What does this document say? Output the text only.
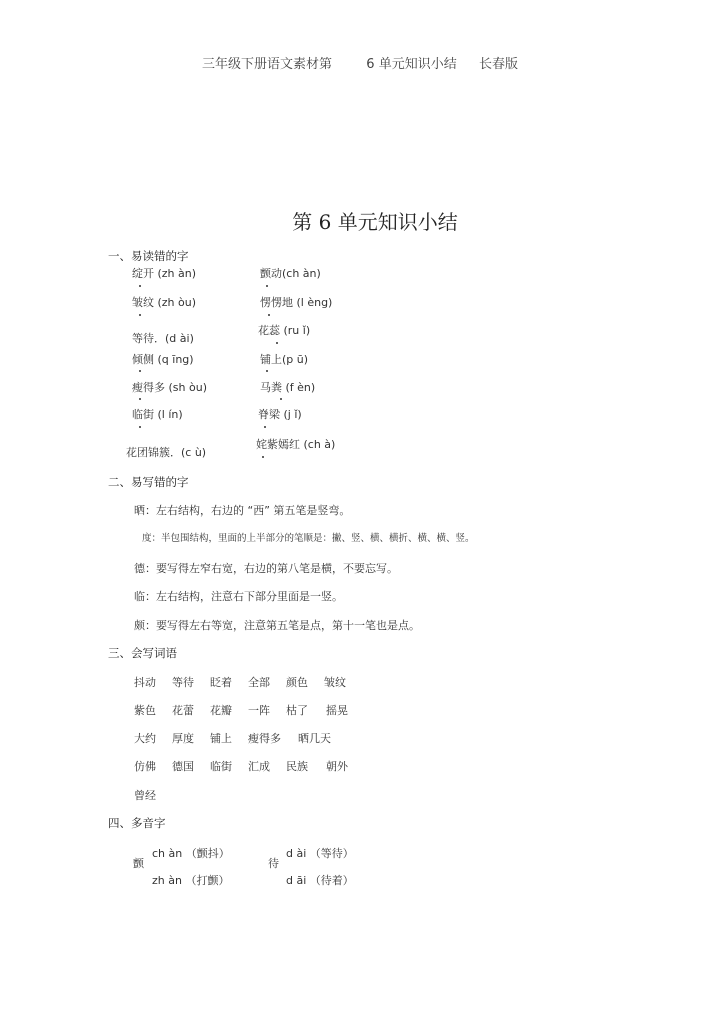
三年级下册语文素材第	6 单元知识小结 长春版
第 6 单元知识小结
一、易读错的字
绽开 (zh àn)
皱纹 (zh òu)
等待．(d ài)
倾侧 (q īng)
瘦得多 (sh òu)
临街 (l ín)
花团锦簇．(c ù)
颤动(ch àn)
愣愣地 (l èng)
花蕊 (ru ǐ)
铺上(p ū)
马粪 (f èn)
脊梁 (j ǐ)
姹紫嫣红 (ch à)
二、易写错的字
晒：左右结构，右边的 “西” 第五笔是竖弯。
度：半包围结构，里面的上半部分的笔顺是：撇、竖、横、横折、横、横、竖。
德：要写得左窄右宽，右边的第八笔是横，不要忘写。
临：左右结构，注意右下部分里面是一竖。
颇：要写得左右等宽，注意第五笔是点，第十一笔也是点。
三、会写词语
抖动 等待 眨着 全部 颜色 皱纹
紫色 花蕾 花瓣 一阵 枯了 摇晃
大约 厚度 铺上 瘦得多 晒几天
仿佛 德国 临街 汇成 民族 朝外
曾经
四、多音字
颤
ch àn （颤抖）
zh àn （打颤）
待
d ài （等待）
d āi （待着）
